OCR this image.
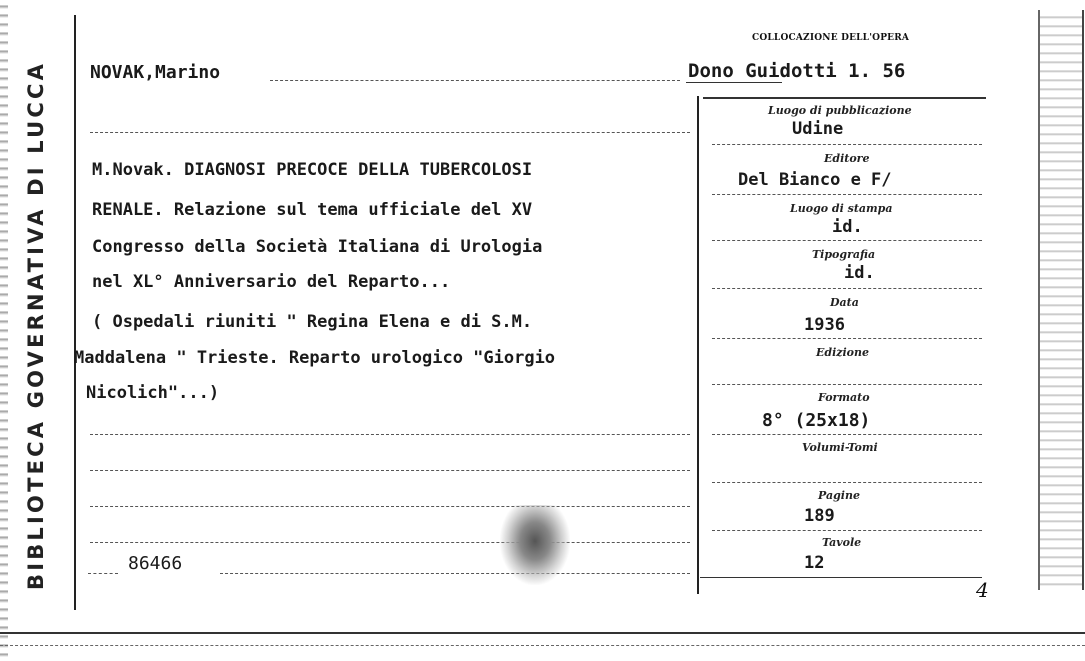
BIBLIOTECA GOVERNATIVA DI LUCCA
COLLOCAZIONE DELL'OPERA
NOVAK,Marino	Dono Guidotti 1. 56
M.Novak. DIAGNOSI PRECOCE DELLA TUBERCOLOSI
RENALE. Relazione sul tema ufficiale del XV
Congresso della Società Italiana di Urologia
nel XL° Anniversario del Reparto...
( Ospedali riuniti " Regina Elena e di S.M.
Maddalena " Trieste. Reparto urologico "Giorgio
Nicolich"...)
86466
Luogo di pubblicazione
Udine
Editore
Del Bianco e F/
Luogo di stampa
id.
Tipografia
id.
Data
1936
Edizione
Formato
8° (25x18)
Volumi-Tomi
Pagine
189
Tavole
12
4
